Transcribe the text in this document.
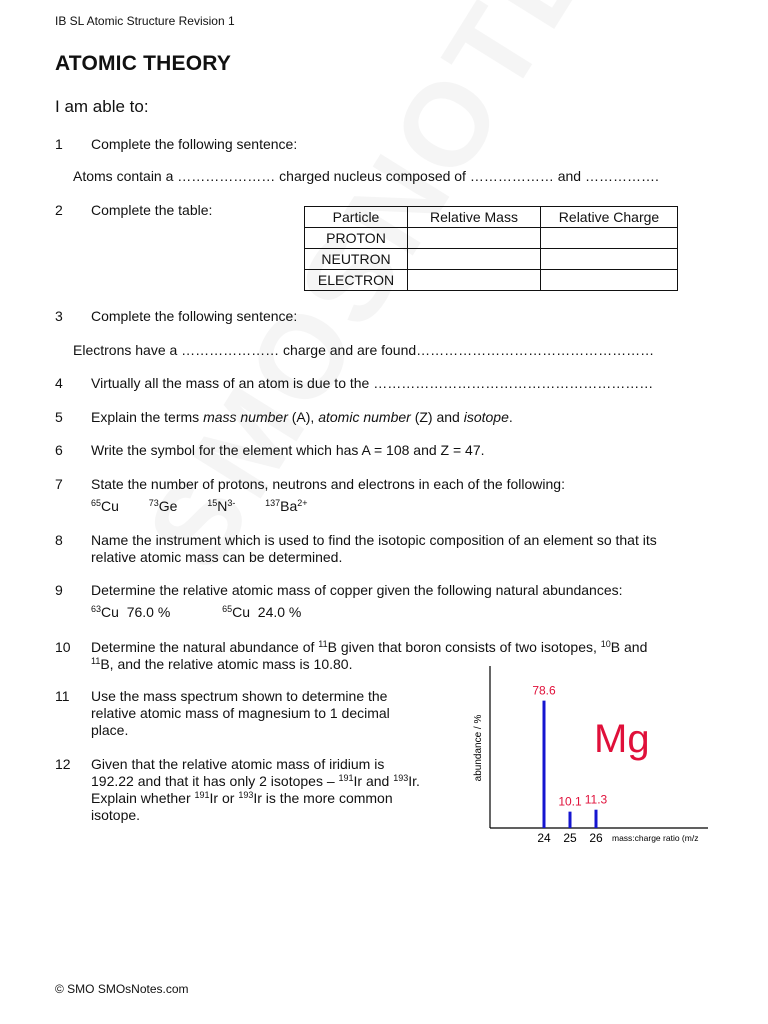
IB SL Atomic Structure Revision 1
ATOMIC THEORY
I am able to:
1	Complete the following sentence:
Atoms contain a ………………… charged nucleus composed of ……………… and …………….
2	Complete the table:	Particle	Relative Mass	Relative Charge
PROTON		
NEUTRON		
ELECTRON		
3	Complete the following sentence:
Electrons have a ………………… charge and are found……………………………………………
4	Virtually all the mass of an atom is due to the ……………………………………………………
5	Explain the terms mass number (A), atomic number (Z) and isotope.
6	Write the symbol for the element which has A = 108 and Z = 47.
7	State the number of protons, neutrons and electrons in each of the following:
$^{65}$Cu	$^{73}$Ge	$^{15}N^{3-}$	$^{137}Ba^{2+}$
8	Name the instrument which is used to find the isotopic composition of an element so that its
relative atomic mass can be determined.
9	Determine the relative atomic mass of copper given the following natural abundances:
$^{63}$Cu 76.0 %	$^{65}$Cu 24.0 %
10	Determine the natural abundance of $^{11}$B given that boron consists of two isotopes, $^{10}$B and
$^{11}$B, and the relative atomic mass is 10.80.
11	Use the mass spectrum shown to determine the
relative atomic mass of magnesium to 1 decimal
place.
12	Given that the relative atomic mass of iridium is
192.22 and that it has only 2 isotopes – $^{191}$Ir and $^{193}$Ir.
Explain whether $^{191}$Ir or $^{193}$Ir is the more common
isotope.
abundance / %	Mg
mass:charge ratio (m/z
78.6
24
10.1
25
11.3
26
© SMO SMOsNotes.com
